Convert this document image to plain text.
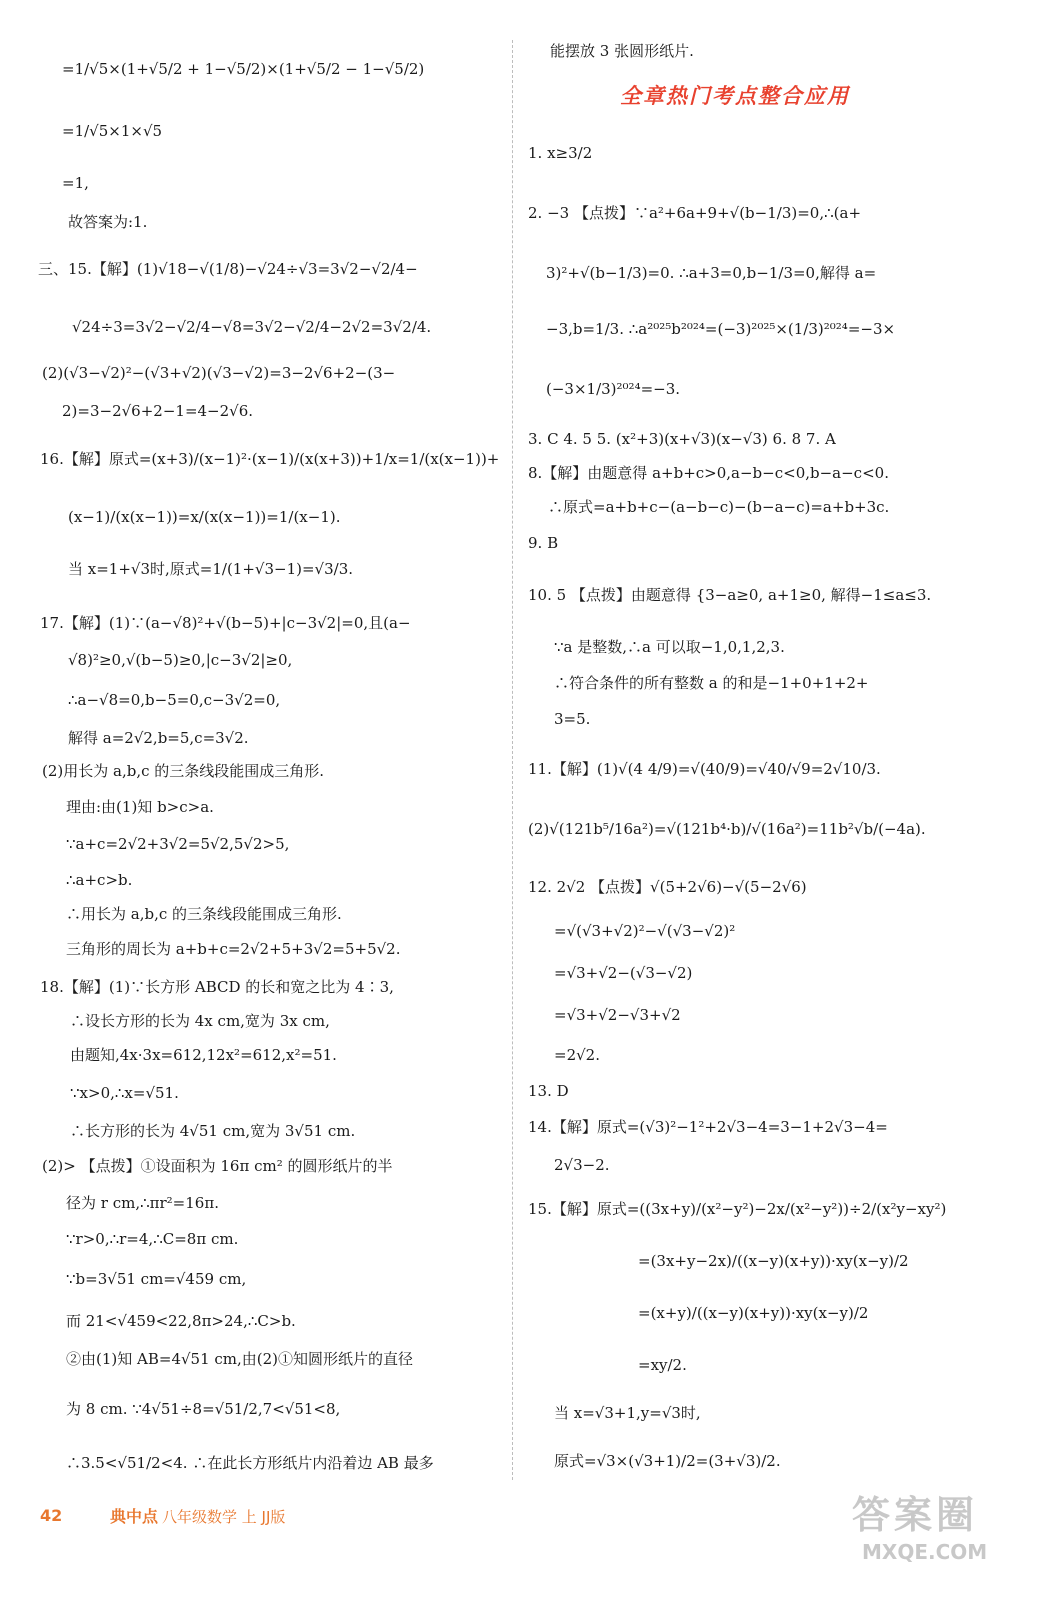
=1/√5×(1+√5/2 + 1−√5/2)×(1+√5/2 − 1−√5/2)
=1/√5×1×√5
=1,
故答案为:1.
三、15.【解】(1)√18−√(1/8)−√24÷√3=3√2−√2/4−
√24÷3=3√2−√2/4−√8=3√2−√2/4−2√2=3√2/4.
(2)(√3−√2)²−(√3+√2)(√3−√2)=3−2√6+2−(3−
2)=3−2√6+2−1=4−2√6.
16.【解】原式=(x+3)/(x−1)²·(x−1)/(x(x+3))+1/x=1/(x(x−1))+
(x−1)/(x(x−1))=x/(x(x−1))=1/(x−1).
当 x=1+√3时,原式=1/(1+√3−1)=√3/3.
17.【解】(1)∵(a−√8)²+√(b−5)+|c−3√2|=0,且(a−
√8)²≥0,√(b−5)≥0,|c−3√2|≥0,
∴a−√8=0,b−5=0,c−3√2=0,
解得 a=2√2,b=5,c=3√2.
(2)用长为 a,b,c 的三条线段能围成三角形.
理由:由(1)知 b>c>a.
∵a+c=2√2+3√2=5√2,5√2>5,
∴a+c>b.
∴用长为 a,b,c 的三条线段能围成三角形.
三角形的周长为 a+b+c=2√2+5+3√2=5+5√2.
18.【解】(1)∵长方形 ABCD 的长和宽之比为 4∶3,
∴设长方形的长为 4x cm,宽为 3x cm,
由题知,4x·3x=612,12x²=612,x²=51.
∵x>0,∴x=√51.
∴长方形的长为 4√51 cm,宽为 3√51 cm.
(2)> 【点拨】①设面积为 16π cm² 的圆形纸片的半
径为 r cm,∴πr²=16π.
∵r>0,∴r=4,∴C=8π cm.
∵b=3√51 cm=√459 cm,
而 21<√459<22,8π>24,∴C>b.
②由(1)知 AB=4√51 cm,由(2)①知圆形纸片的直径
为 8 cm. ∵4√51÷8=√51/2,7<√51<8,
∴3.5<√51/2<4. ∴在此长方形纸片内沿着边 AB 最多
全章热门考点整合应用
能摆放 3 张圆形纸片.
1. x≥3/2
2. −3 【点拨】∵a²+6a+9+√(b−1/3)=0,∴(a+
3)²+√(b−1/3)=0. ∴a+3=0,b−1/3=0,解得 a=
−3,b=1/3. ∴a²⁰²⁵b²⁰²⁴=(−3)²⁰²⁵×(1/3)²⁰²⁴=−3×
(−3×1/3)²⁰²⁴=−3.
3. C 4. 5 5. (x²+3)(x+√3)(x−√3) 6. 8 7. A
8.【解】由题意得 a+b+c>0,a−b−c<0,b−a−c<0.
∴原式=a+b+c−(a−b−c)−(b−a−c)=a+b+3c.
9. B
10. 5 【点拨】由题意得 {3−a≥0, a+1≥0, 解得−1≤a≤3.
∵a 是整数,∴a 可以取−1,0,1,2,3.
∴符合条件的所有整数 a 的和是−1+0+1+2+
3=5.
11.【解】(1)√(4 4/9)=√(40/9)=√40/√9=2√10/3.
(2)√(121b⁵/16a²)=√(121b⁴·b)/√(16a²)=11b²√b/(−4a).
12. 2√2 【点拨】√(5+2√6)−√(5−2√6)
=√(√3+√2)²−√(√3−√2)²
=√3+√2−(√3−√2)
=√3+√2−√3+√2
=2√2.
13. D
14.【解】原式=(√3)²−1²+2√3−4=3−1+2√3−4=
2√3−2.
15.【解】原式=((3x+y)/(x²−y²)−2x/(x²−y²))÷2/(x²y−xy²)
=(3x+y−2x)/((x−y)(x+y))·xy(x−y)/2
=(x+y)/((x−y)(x+y))·xy(x−y)/2
=xy/2.
当 x=√3+1,y=√3时,
原式=√3×(√3+1)/2=(3+√3)/2.
42	典中点 八年级数学 上 JJ版	答案圈
MXQE.COM
